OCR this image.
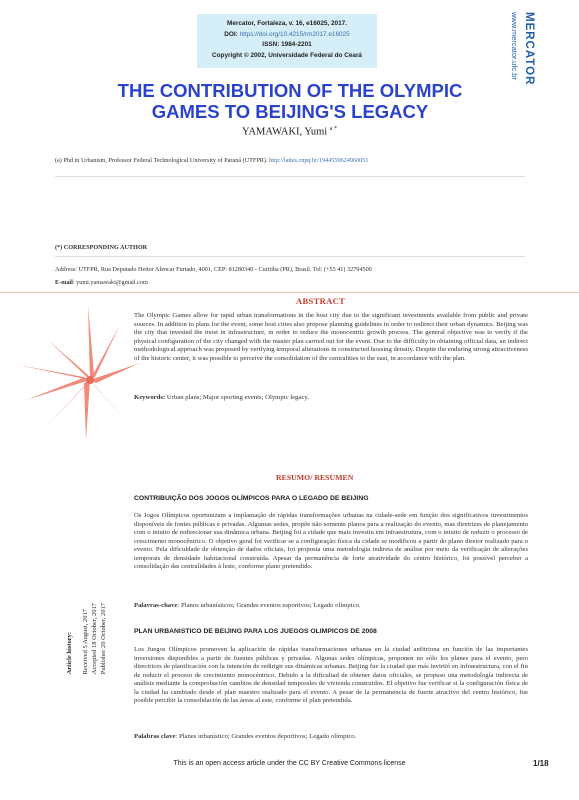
Mercator, Fortaleza, v. 16, e16025, 2017.
DOI: https://doi.org/10.4215/rm2017.e16025
ISSN: 1984-2201
Copyright © 2002, Universidade Federal do Ceará	www.mercator.ufc.br MERCATOR
THE CONTRIBUTION OF THE OLYMPIC
GAMES TO BEIJING'S LEGACY
YAMAWAKI, Yumi $^{a *}$
(a) Phd in Urbanism, Professor Federal Technological University of Paraná (UTFPR). http://lattes.cnpq.br/1944559624960051
(*) CORRESPONDING AUTHOR
Address: UTFPR, Rua Deputado Heitor Alencar Furtado, 4001, CEP: 81280340 - Curitiba (PR), Brasil. Tel: (+55 41) 32794500
E-mail: yumi.yamawaki@gmail.com
ABSTRACT
The Olympic Games allow for rapid urban transformations in the host city due to the significant investments available from public and private sources. In addition to plans for the event, some host cities also propose planning guidelines in order to redirect their urban dynamics. Beijing was the city that invested the most in infrastructure, in order to reduce the monocentric growth process. The general objective was to verify if the physical configuration of the city changed with the master plan carried out for the event. Due to the difficulty in obtaining official data, an indirect methodological approach was proposed by verifying temporal alterations in constructed housing density. Despite the enduring strong attractiveness of the historic center, it was possible to perceive the consolidation of the centralities to the east, in accordance with the plan.
Keywords: Urban plans; Major sporting events; Olympic legacy.
RESUMO/ RESUMEN
CONTRIBUIÇÃO DOS JOGOS OLÍMPICOS PARA O LEGADO DE BEIJING
Os Jogos Olímpicos oportunizam a implantação de rápidas transformações urbanas na cidade-sede em função dos significativos investimentos disponíveis de fontes públicas e privadas. Algumas sedes, propõe não somente planos para a realização do evento, mas diretrizes de planejamento com o intuito de redirecionar sua dinâmica urbana. Beijing foi a cidade que mais investiu em infraestrutura, com o intuito de reduzir o processo de crescimento monocêntrico. O objetivo geral foi verificar se a configuração física da cidade se modificou a partir do plano diretor realizado para o evento. Pela dificuldade de obtenção de dados oficiais, foi proposta uma metodologia indireta de análise por meio da verificação de alterações temporais de densidade habitacional construída. Apesar da permanência de forte atratividade do centro histórico, foi possível perceber a consolidação das centralidades à leste, conforme plano pretendido.
Palavras-chave: Planos urbanísticos; Grandes eventos esportivos; Legado olímpico.
PLAN URBANISTICO DE BEIJING PARA LOS JUEGOS OLIMPICOS DE 2008
Los Juegos Olímpicos promoven la aplicación de rápidas transformaciones urbanas en la ciudad anfitriona en función de las importantes inversiones disponibles a partir de fuentes públicas y privadas. Algunas sedes olímpicas, proponen no sólo los planes para el evento, pero directrices de planificación con la intención de redirigir sus dinámicas urbanas. Beijing fue la ciudad que más invirtió en infraestructura, con el fin de reducir el proceso de crecimiento monocéntrico. Debido a la dificultad de obtener datos oficiales, se propuso una metodología indirecta de análisis mediante la comprobación cambios de densidad temporales de vivienda construidos. El objetivo fue verificar si la configuración física de la ciudad ha cambiado desde el plan maestro realizado para el evento. A pesar de la permanencia de fuerte atractivo del centro histórico, fue posible percibir la consolidación de las áreas al este, conforme el plan pretendida.
Palabras clave: Planes urbanístico; Grandes eventos deportivos; Legado olímpico.
Article history: Received 5 August, 2017 Accepted 18 October, 2017 Publisher 20 October, 2017
This is an open access article under the CC BY Creative Commons license	1/18
